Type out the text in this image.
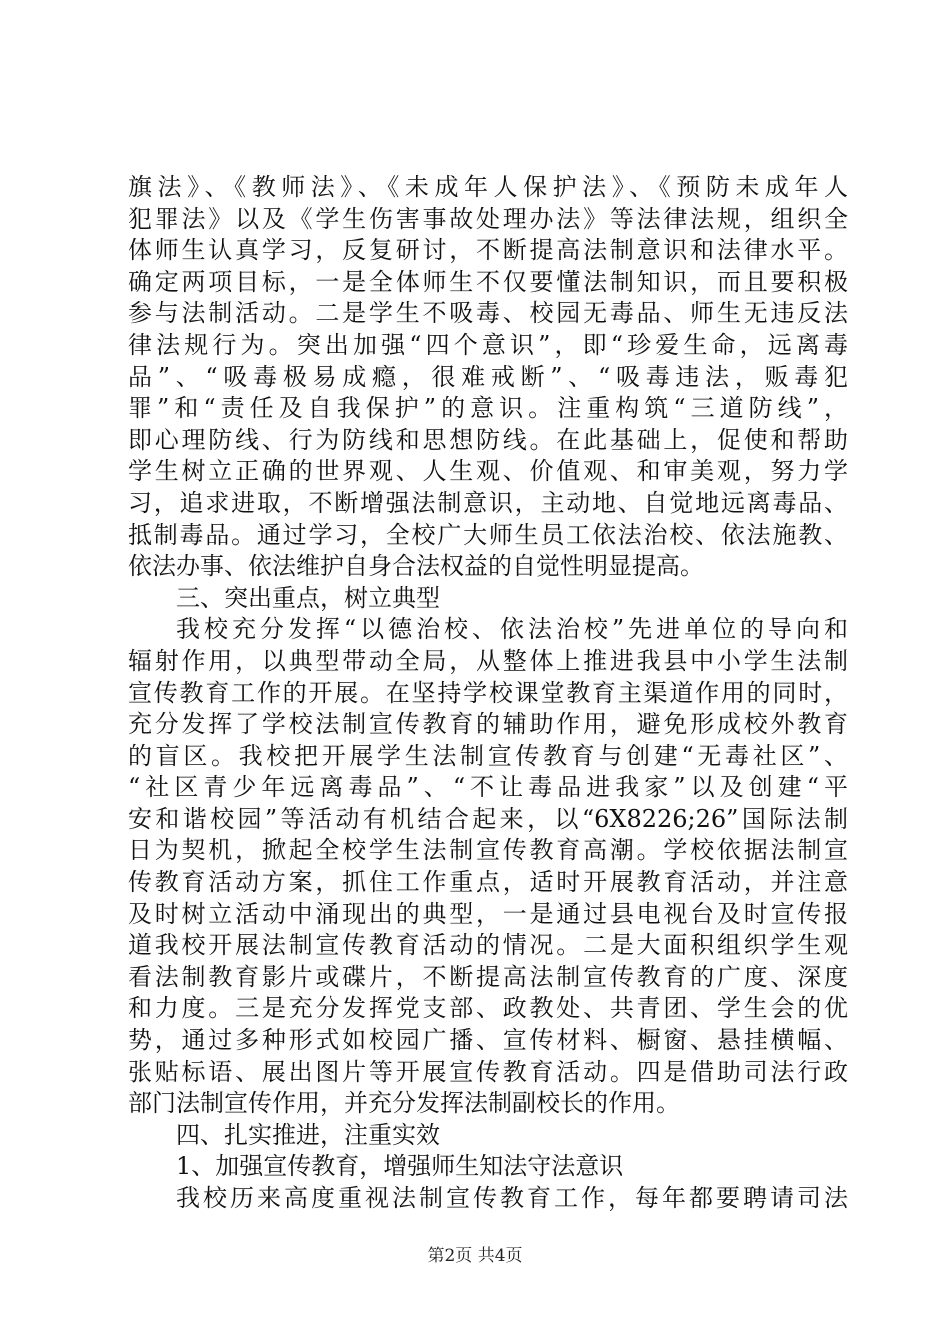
旗法》、《教师法》、《未成年人保护法》、《预防未成年人
犯罪法》以及《学生伤害事故处理办法》等法律法规，组织全
体师生认真学习，反复研讨，不断提高法制意识和法律水平。
确定两项目标，一是全体师生不仅要懂法制知识，而且要积极
参与法制活动。二是学生不吸毒、校园无毒品、师生无违反法
律法规行为。突出加强“四个意识”，即“珍爱生命，远离毒
品”、“吸毒极易成瘾，很难戒断”、“吸毒违法，贩毒犯
罪”和“责任及自我保护”的意识。注重构筑“三道防线”，
即心理防线、行为防线和思想防线。在此基础上，促使和帮助
学生树立正确的世界观、人生观、价值观、和审美观，努力学
习，追求进取，不断增强法制意识，主动地、自觉地远离毒品、
抵制毒品。通过学习，全校广大师生员工依法治校、依法施教、
依法办事、依法维护自身合法权益的自觉性明显提高。
三、突出重点，树立典型
我校充分发挥“以德治校、依法治校”先进单位的导向和
辐射作用，以典型带动全局，从整体上推进我县中小学生法制
宣传教育工作的开展。在坚持学校课堂教育主渠道作用的同时，
充分发挥了学校法制宣传教育的辅助作用，避免形成校外教育
的盲区。我校把开展学生法制宣传教育与创建“无毒社区”、
“社区青少年远离毒品”、“不让毒品进我家”以及创建“平
安和谐校园”等活动有机结合起来，以“6X8226;26”国际法制
日为契机，掀起全校学生法制宣传教育高潮。学校依据法制宣
传教育活动方案，抓住工作重点，适时开展教育活动，并注意
及时树立活动中涌现出的典型，一是通过县电视台及时宣传报
道我校开展法制宣传教育活动的情况。二是大面积组织学生观
看法制教育影片或碟片，不断提高法制宣传教育的广度、深度
和力度。三是充分发挥党支部、政教处、共青团、学生会的优
势，通过多种形式如校园广播、宣传材料、橱窗、悬挂横幅、
张贴标语、展出图片等开展宣传教育活动。四是借助司法行政
部门法制宣传作用，并充分发挥法制副校长的作用。
四、扎实推进，注重实效
1、加强宣传教育，增强师生知法守法意识
我校历来高度重视法制宣传教育工作，每年都要聘请司法
第2页 共4页
